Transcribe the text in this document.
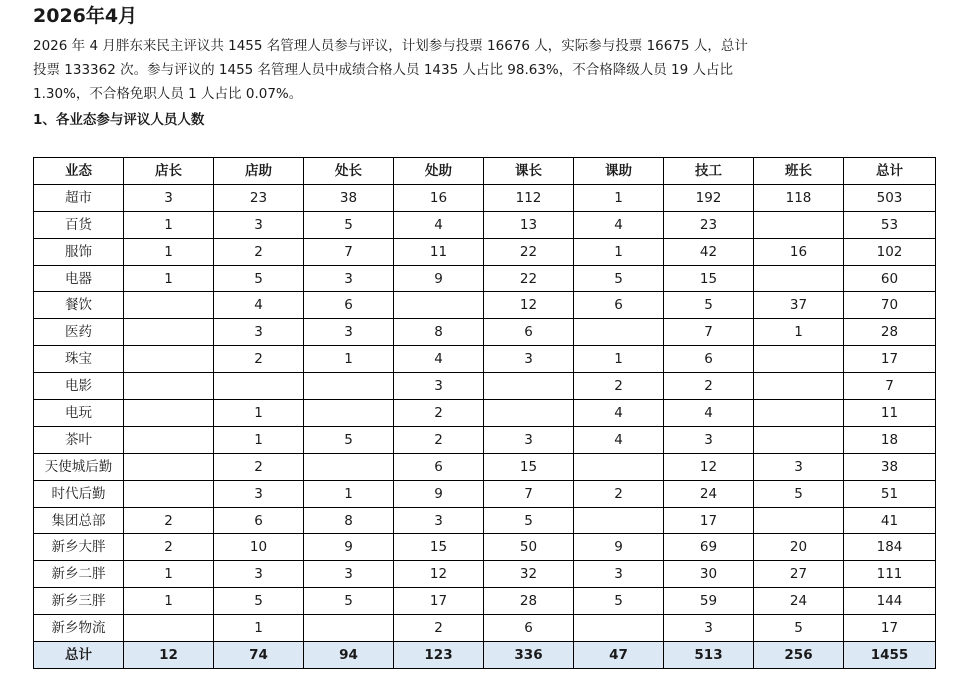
2026年4月

2026 年 4 月胖东来民主评议共 1455 名管理人员参与评议，计划参与投票 16676 人，实际参与投票 16675 人，总计投票 133362 次。参与评议的 1455 名管理人员中成绩合格人员 1435 人占比 98.63%，不合格降级人员 19 人占比 1.30%，不合格免职人员 1 人占比 0.07%。

1、各业态参与评议人员人数
业态	店长	店助	处长	处助	课长	课助	技工	班长	总计
超市	3	23	38	16	112	1	192	118	503
百货	1	3	5	4	13	4	23		53
服饰	1	2	7	11	22	1	42	16	102
电器	1	5	3	9	22	5	15		60
餐饮		4	6		12	6	5	37	70
医药		3	3	8	6		7	1	28
珠宝		2	1	4	3	1	6		17
电影				3		2	2		7
电玩		1		2		4	4		11
茶叶		1	5	2	3	4	3		18
天使城后勤		2		6	15		12	3	38
时代后勤		3	1	9	7	2	24	5	51
集团总部	2	6	8	3	5		17		41
新乡大胖	2	10	9	15	50	9	69	20	184
新乡二胖	1	3	3	12	32	3	30	27	111
新乡三胖	1	5	5	17	28	5	59	24	144
新乡物流		1		2	6		3	5	17
总计	12	74	94	123	336	47	513	256	1455
